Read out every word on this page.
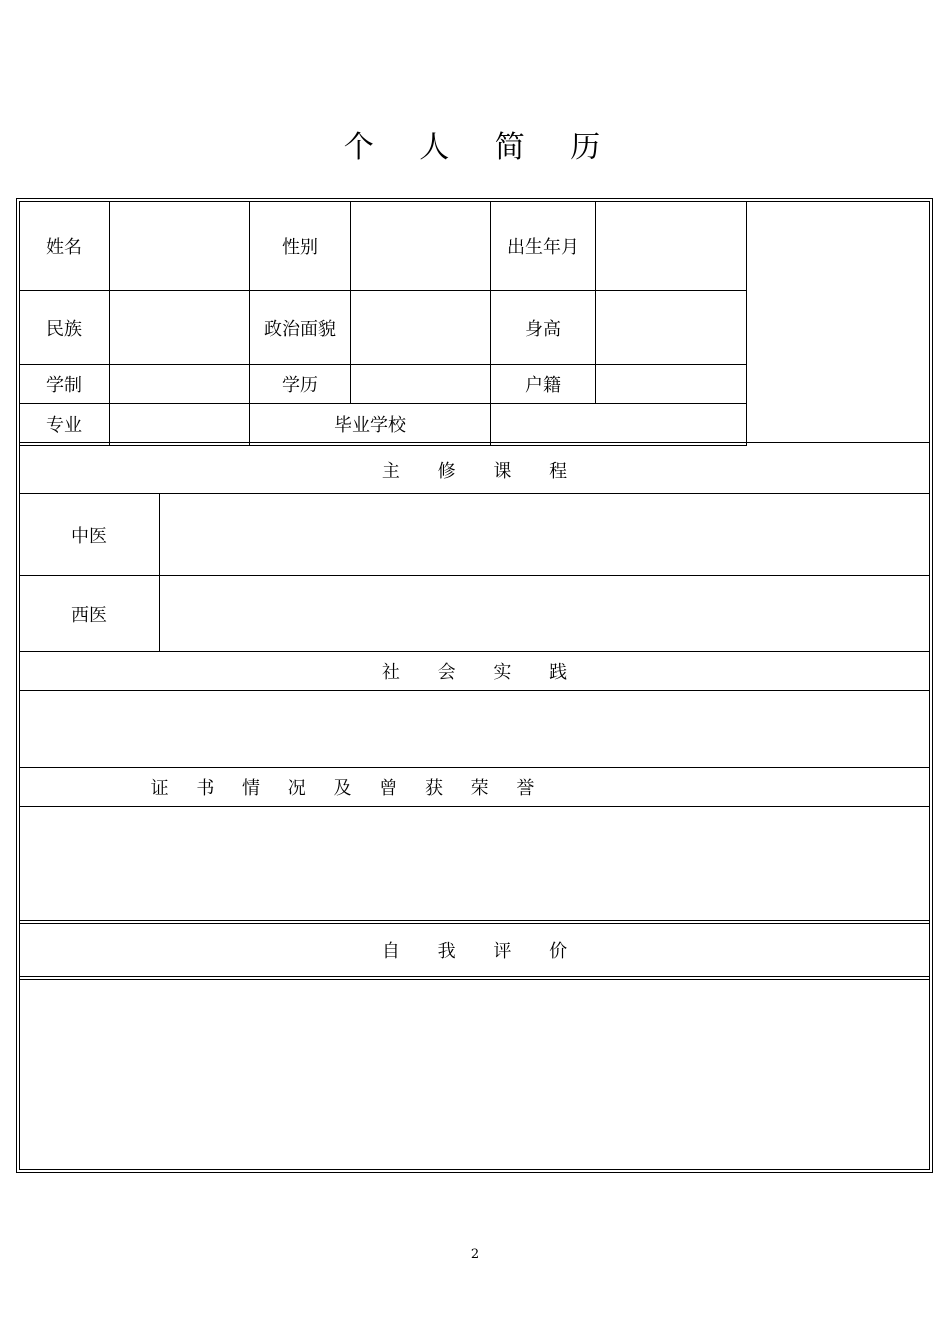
个 人 简 历
姓名	性别	出生年月
民族	政治面貌	身高
学制	学历	户籍
专业	毕业学校
主 修 课 程
中医
西医
社 会 实 践
证 书 情 况 及 曾 获 荣 誉
自 我 评 价
2
